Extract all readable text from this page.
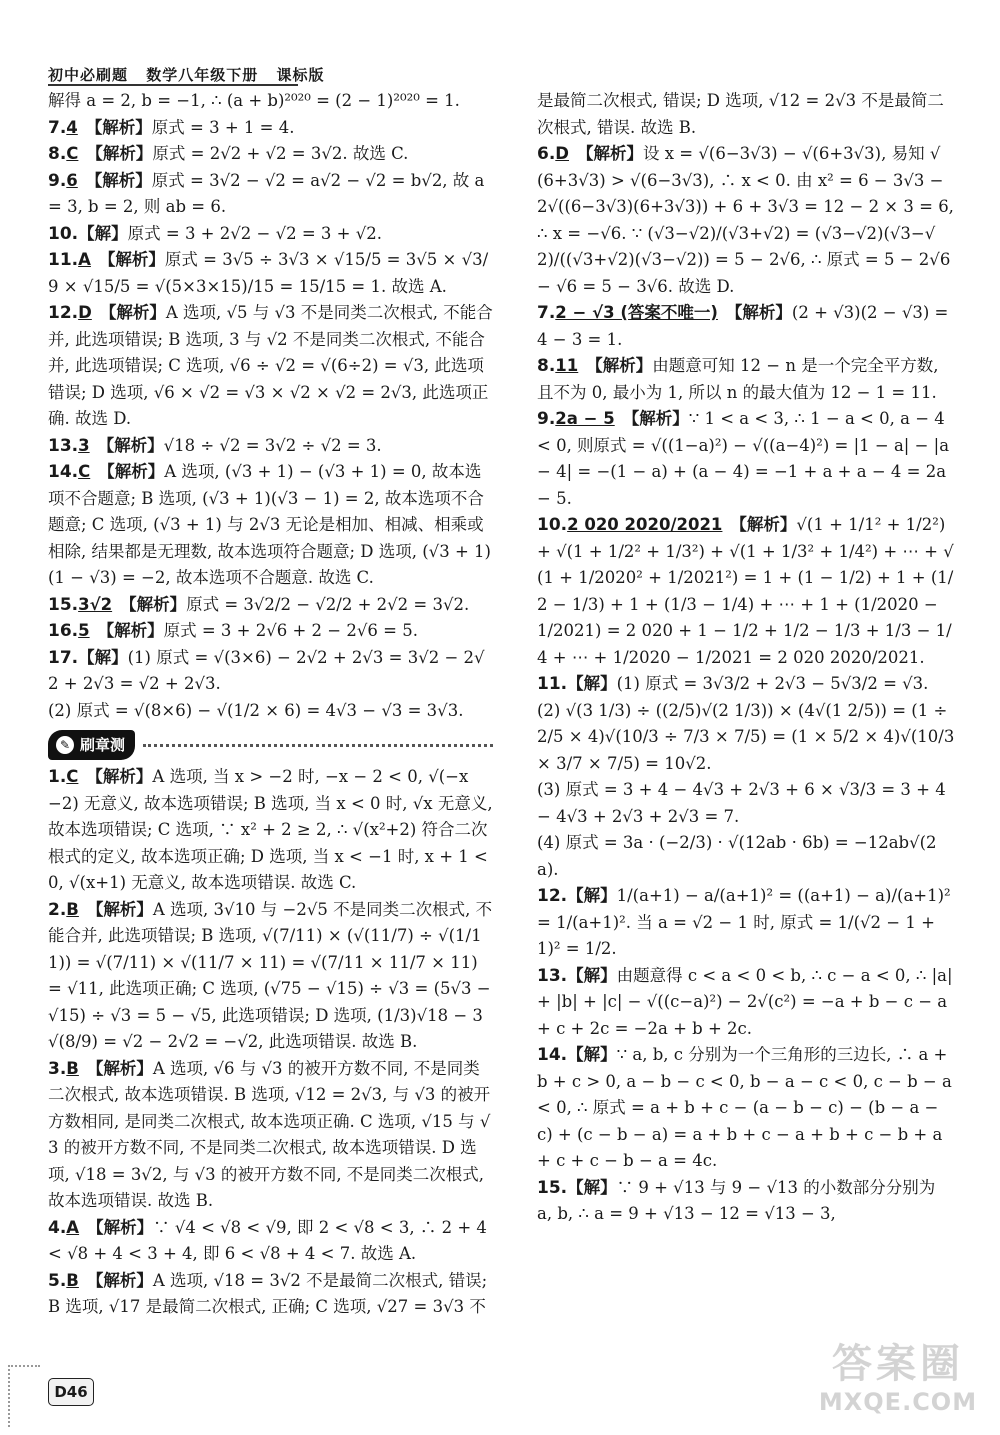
初中必刷题 数学八年级下册 课标版

解得 a = 2, b = −1, ∴ (a + b)²⁰²⁰ = (2 − 1)²⁰²⁰ = 1.

7.4 【解析】原式 = 3 + 1 = 4.

8.C 【解析】原式 = 2√2 + √2 = 3√2. 故选 C.

9.6 【解析】原式 = 3√2 − √2 = a√2 − √2 = b√2, 故 a = 3, b = 2, 则 ab = 6.

10.【解】原式 = 3 + 2√2 − √2 = 3 + √2.

11.A 【解析】原式 = 3√5 ÷ 3√3 × √15/5 = 3√5 × √3/9 × √15/5 = √(5×3×15)/15 = 15/15 = 1. 故选 A.

12.D 【解析】A 选项, √5 与 √3 不是同类二次根式, 不能合并, 此选项错误; B 选项, 3 与 √2 不是同类二次根式, 不能合并, 此选项错误; C 选项, √6 ÷ √2 = √(6÷2) = √3, 此选项错误; D 选项, √6 × √2 = √3 × √2 × √2 = 2√3, 此选项正确. 故选 D.

13.3 【解析】√18 ÷ √2 = 3√2 ÷ √2 = 3.

14.C 【解析】A 选项, (√3 + 1) − (√3 + 1) = 0, 故本选项不合题意; B 选项, (√3 + 1)(√3 − 1) = 2, 故本选项不合题意; C 选项, (√3 + 1) 与 2√3 无论是相加、相减、相乘或相除, 结果都是无理数, 故本选项符合题意; D 选项, (√3 + 1)(1 − √3) = −2, 故本选项不合题意. 故选 C.

15.3√2 【解析】原式 = 3√2/2 − √2/2 + 2√2 = 3√2.

16.5 【解析】原式 = 3 + 2√6 + 2 − 2√6 = 5.

17.【解】(1) 原式 = √(3×6) − 2√2 + 2√3 = 3√2 − 2√2 + 2√3 = √2 + 2√3.

(2) 原式 = √(8×6) − √(1/2 × 6) = 4√3 − √3 = 3√3.

✎ 刷章测

1.C 【解析】A 选项, 当 x > −2 时, −x − 2 < 0, √(−x−2) 无意义, 故本选项错误; B 选项, 当 x < 0 时, √x 无意义, 故本选项错误; C 选项, ∵ x² + 2 ≥ 2, ∴ √(x²+2) 符合二次根式的定义, 故本选项正确; D 选项, 当 x < −1 时, x + 1 < 0, √(x+1) 无意义, 故本选项错误. 故选 C.

2.B 【解析】A 选项, 3√10 与 −2√5 不是同类二次根式, 不能合并, 此选项错误; B 选项, √(7/11) × (√(11/7) ÷ √(1/11)) = √(7/11) × √(11/7 × 11) = √(7/11 × 11/7 × 11) = √11, 此选项正确; C 选项, (√75 − √15) ÷ √3 = (5√3 − √15) ÷ √3 = 5 − √5, 此选项错误; D 选项, (1/3)√18 − 3√(8/9) = √2 − 2√2 = −√2, 此选项错误. 故选 B.

3.B 【解析】A 选项, √6 与 √3 的被开方数不同, 不是同类二次根式, 故本选项错误. B 选项, √12 = 2√3, 与 √3 的被开方数相同, 是同类二次根式, 故本选项正确. C 选项, √15 与 √3 的被开方数不同, 不是同类二次根式, 故本选项错误. D 选项, √18 = 3√2, 与 √3 的被开方数不同, 不是同类二次根式, 故本选项错误. 故选 B.

4.A 【解析】∵ √4 < √8 < √9, 即 2 < √8 < 3, ∴ 2 + 4 < √8 + 4 < 3 + 4, 即 6 < √8 + 4 < 7. 故选 A.

5.B 【解析】A 选项, √18 = 3√2 不是最简二次根式, 错误; B 选项, √17 是最简二次根式, 正确; C 选项, √27 = 3√3 不

是最简二次根式, 错误; D 选项, √12 = 2√3 不是最简二次根式, 错误. 故选 B.

6.D 【解析】设 x = √(6−3√3) − √(6+3√3), 易知 √(6+3√3) > √(6−3√3), ∴ x < 0. 由 x² = 6 − 3√3 − 2√((6−3√3)(6+3√3)) + 6 + 3√3 = 12 − 2 × 3 = 6, ∴ x = −√6. ∵ (√3−√2)/(√3+√2) = (√3−√2)(√3−√2)/((√3+√2)(√3−√2)) = 5 − 2√6, ∴ 原式 = 5 − 2√6 − √6 = 5 − 3√6. 故选 D.

7.2 − √3 (答案不唯一) 【解析】(2 + √3)(2 − √3) = 4 − 3 = 1.

8.11 【解析】由题意可知 12 − n 是一个完全平方数, 且不为 0, 最小为 1, 所以 n 的最大值为 12 − 1 = 11.

9.2a − 5 【解析】∵ 1 < a < 3, ∴ 1 − a < 0, a − 4 < 0, 则原式 = √((1−a)²) − √((a−4)²) = |1 − a| − |a − 4| = −(1 − a) + (a − 4) = −1 + a + a − 4 = 2a − 5.

10.2 020 2020/2021 【解析】√(1 + 1/1² + 1/2²) + √(1 + 1/2² + 1/3²) + √(1 + 1/3² + 1/4²) + ⋯ + √(1 + 1/2020² + 1/2021²) = 1 + (1 − 1/2) + 1 + (1/2 − 1/3) + 1 + (1/3 − 1/4) + ⋯ + 1 + (1/2020 − 1/2021) = 2 020 + 1 − 1/2 + 1/2 − 1/3 + 1/3 − 1/4 + ⋯ + 1/2020 − 1/2021 = 2 020 2020/2021.

11.【解】(1) 原式 = 3√3/2 + 2√3 − 5√3/2 = √3.

(2) √(3 1/3) ÷ ((2/5)√(2 1/3)) × (4√(1 2/5)) = (1 ÷ 2/5 × 4)√(10/3 ÷ 7/3 × 7/5) = (1 × 5/2 × 4)√(10/3 × 3/7 × 7/5) = 10√2.

(3) 原式 = 3 + 4 − 4√3 + 2√3 + 6 × √3/3 = 3 + 4 − 4√3 + 2√3 + 2√3 = 7.

(4) 原式 = 3a · (−2/3) · √(12ab · 6b) = −12ab√(2a).

12.【解】1/(a+1) − a/(a+1)² = ((a+1) − a)/(a+1)² = 1/(a+1)². 当 a = √2 − 1 时, 原式 = 1/(√2 − 1 + 1)² = 1/2.

13.【解】由题意得 c < a < 0 < b, ∴ c − a < 0, ∴ |a| + |b| + |c| − √((c−a)²) − 2√(c²) = −a + b − c − a + c + 2c = −2a + b + 2c.

14.【解】∵ a, b, c 分别为一个三角形的三边长, ∴ a + b + c > 0, a − b − c < 0, b − a − c < 0, c − b − a < 0, ∴ 原式 = a + b + c − (a − b − c) − (b − a − c) + (c − b − a) = a + b + c − a + b + c − b + a + c + c − b − a = 4c.

15.【解】∵ 9 + √13 与 9 − √13 的小数部分分别为 a, b, ∴ a = 9 + √13 − 12 = √13 − 3,

D46
答案圈
MXQE.COM
